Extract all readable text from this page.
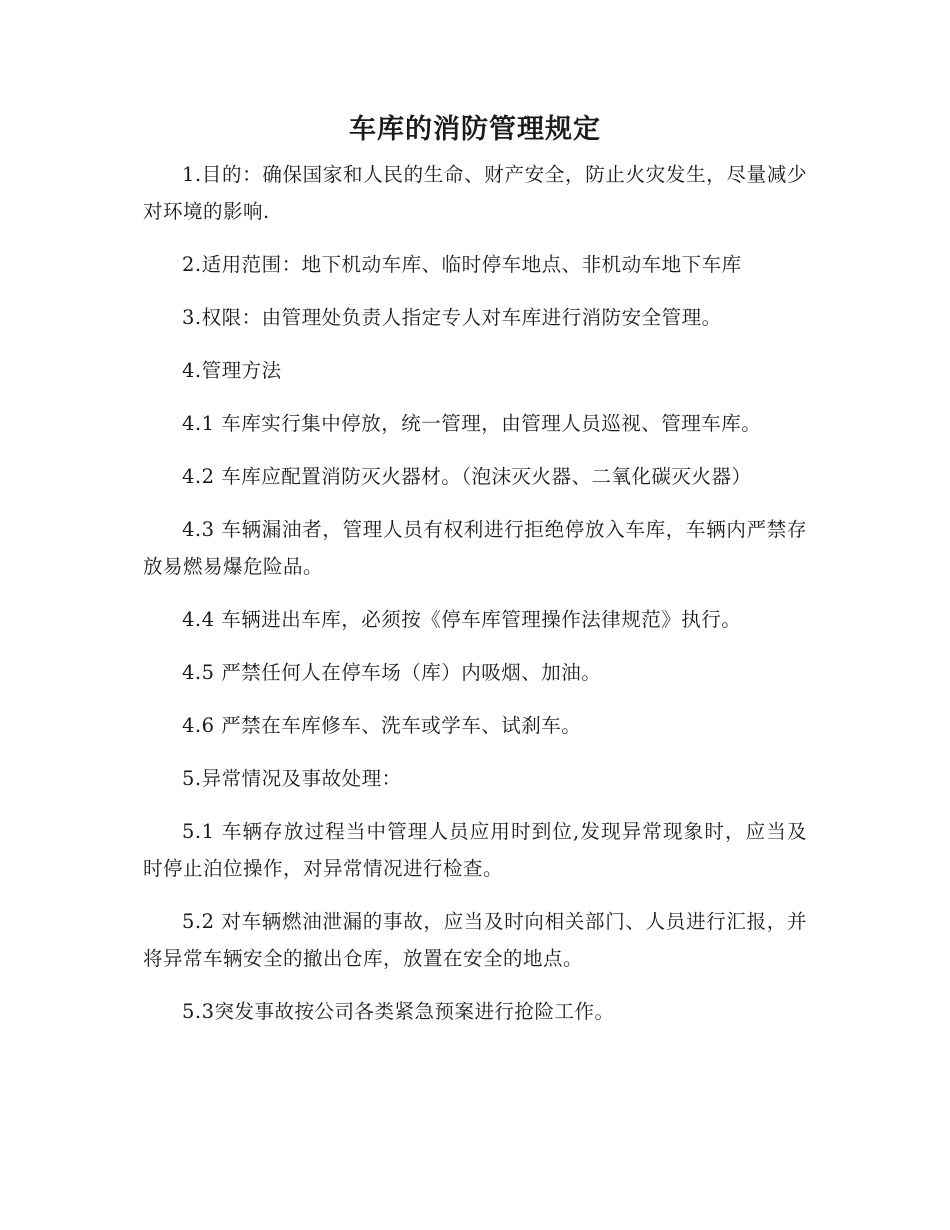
车库的消防管理规定

1.目的：确保国家和人民的生命、财产安全，防止火灾发生，尽量减少对环境的影响.

2.适用范围：地下机动车库、临时停车地点、非机动车地下车库

3.权限：由管理处负责人指定专人对车库进行消防安全管理。

4.管理方法

4.1 车库实行集中停放，统一管理，由管理人员巡视、管理车库。

4.2 车库应配置消防灭火器材。（泡沫灭火器、二氧化碳灭火器）

4.3 车辆漏油者，管理人员有权利进行拒绝停放入车库，车辆内严禁存放易燃易爆危险品。

4.4 车辆进出车库，必须按《停车库管理操作法律规范》执行。

4.5 严禁任何人在停车场（库）内吸烟、加油。

4.6 严禁在车库修车、洗车或学车、试刹车。

5.异常情况及事故处理：

5.1 车辆存放过程当中管理人员应用时到位,发现异常现象时，应当及时停止泊位操作，对异常情况进行检查。

5.2 对车辆燃油泄漏的事故，应当及时向相关部门、人员进行汇报，并将异常车辆安全的撤出仓库，放置在安全的地点。

5.3突发事故按公司各类紧急预案进行抢险工作。
